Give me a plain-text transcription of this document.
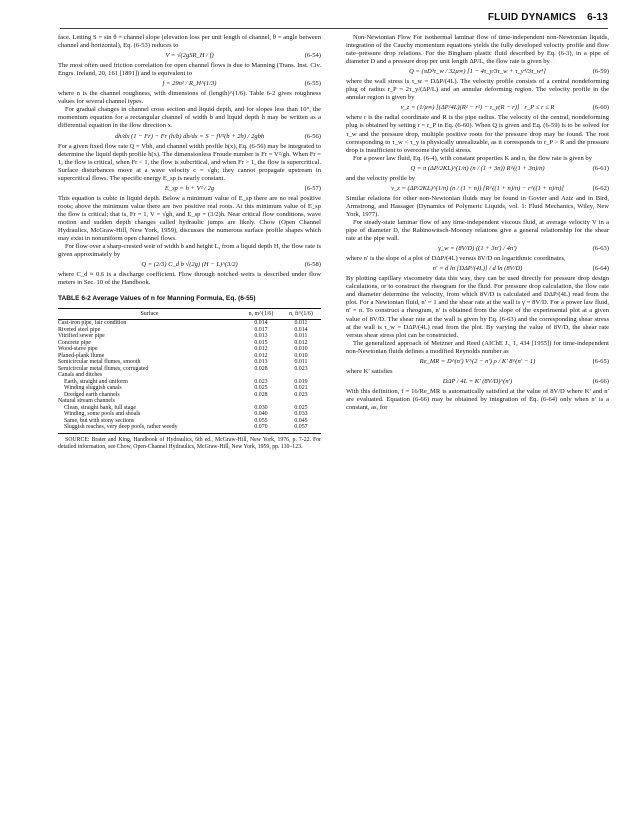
FLUID DYNAMICS 6-13

face. Letting S = sin θ = channel slope (elevation loss per unit length of channel, θ = angle between channel and horizontal), Eq. (6-53) reduces to

V =
√(2gSR_H / f)	(6-54)

The most often used friction correlation for open channel flows is due to Manning (Trans. Inst. Civ. Engrs. Ireland, 20, 161 [1891]) and is equivalent to

f =
29n² / R_H^(1/3)	(6-55)

where n is the channel roughness, with dimensions of (length)^(1/6). Table 6-2 gives roughness values for several channel types.

For gradual changes in channel cross section and liquid depth, and for slopes less than 10°, the momentum equation for a rectangular channel of width b and liquid depth h may be written as a differential equation in the flow direction x.

dh/dx (1 − Fr) − Fr (h/b) db/dx = S − fV²(b + 2h) / 2gbh	(6-56)

For a given fixed flow rate Q = Vbh, and channel width profile b(x), Eq. (6-56) may be integrated to determine the liquid depth profile h(x). The dimensionless Froude number is Fr = V²/gh. When Fr = 1, the flow is critical, when Fr < 1, the flow is subcritical, and when Fr > 1, the flow is supercritical. Surface disturbances move at a wave velocity c = √gh; they cannot propagate upstream in supercritical flows. The specific energy E_sp is nearly constant.

E_sp = h +
V² / 2g	(6-57)

This equation is cubic in liquid depth. Below a minimum value of E_sp there are no real positive roots; above the minimum value there are two positive real roots. At this minimum value of E_sp the flow is critical; that is, Fr = 1, V = √gh, and E_sp = (3/2)h. Near critical flow conditions, wave motion and sudden depth changes called hydraulic jumps are likely. Chow (Open Channel Hydraulics, McGraw-Hill, New York, 1959), discusses the numerous surface profile shapes which may exist in nonuniform open channel flows.

For flow over a sharp-crested weir of width b and height L, from a liquid depth H, the flow rate is given approximately by

Q =
(2/3) C_d b √(2g) (H − L)^(3/2)	(6-58)

where C_d ≈ 0.6 is a discharge coefficient. Flow through notched weirs is described under flow meters in Sec. 10 of the Handbook.

TABLE 6-2 Average Values of n for Manning Formula, Eq. (6-55)
Surface	n, m^(1/6)	n, ft^(1/6)
Cast-iron pipe, fair condition	0.014	0.011
Riveted steel pipe	0.017	0.014
Vitrified sewer pipe	0.013	0.011
Concrete pipe	0.015	0.012
Wood-stave pipe	0.012	0.010
Planed-plank flume	0.012	0.010
Semicircular metal flumes, smooth	0.013	0.011
Semicircular metal flumes, corrugated	0.028	0.023
Canals and ditches		
Earth, straight and uniform	0.023	0.019
Winding sluggish canals	0.025	0.021
Dredged earth channels	0.028	0.023
Natural stream channels		
Clean, straight bank, full stage	0.030	0.025
Winding, some pools and shoals	0.040	0.033
Same, but with stony sections	0.055	0.045
Sluggish reaches, very deep pools, rather weedy	0.070	0.057
SOURCE: Brater and King, Handbook of Hydraulics, 6th ed., McGraw-Hill, New York, 1976, p. 7-22. For detailed information, see Chow, Open-Channel Hydraulics, McGraw-Hill, New York, 1959, pp. 110–123.

Non-Newtonian Flow For isothermal laminar flow of time-independent non-Newtonian liquids, integration of the Cauchy momentum equations yields the fully developed velocity profile and flow rate–pressure drop relations. For the Bingham plastic fluid described by Eq. (6-3), in a pipe of diameter D and a pressure drop per unit length ΔP/L, the flow rate is given by

Q =
(πD³τ_w / 32μ∞) [1 − 4τ_y/3τ_w + τ_y⁴/3τ_w⁴]	(6-59)

where the wall stress is τ_w = DΔP/(4L). The velocity profile consists of a central nondeforming plug of radius r_P = 2τ_y/(ΔP/L) and an annular deforming region. The velocity profile in the annular region is given by

v_z =
(1/μ∞) [(ΔP/4L)(R² − r²) − τ_y(R − r)]
r_P ≤ r ≤ R	(6-60)

where r is the radial coordinate and R is the pipe radius. The velocity of the central, nondeforming plug is obtained by setting r = r_P in Eq. (6-60). When Q is given and Eq. (6-59) is to be solved for τ_w and the pressure drop, multiple positive roots for the pressure drop may be found. The root corresponding to τ_w < τ_y is physically unrealizable, as it corresponds to r_P > R and the pressure drop is insufficient to overcome the yield stress.

For a power law fluid, Eq. (6-4), with constant properties K and n, the flow rate is given by

Q = π
(ΔP/2KL)^(1/n) (n / (1 + 3n)) R^((1 + 3n)/n)	(6-61)

and the velocity profile by

v_z =
(ΔP/2KL)^(1/n) (n / (1 + n)) [R^((1 + n)/n) − r^((1 + n)/n)]	(6-62)

Similar relations for other non-Newtonian fluids may be found in Govier and Aziz and in Bird, Armstrong, and Hassager (Dynamics of Polymeric Liquids, vol. 1: Fluid Mechanics, Wiley, New York, 1977).

For steady-state laminar flow of any time-independent viscous fluid, at average velocity V in a pipe of diameter D, the Rabinowitsch-Mooney relations give a general relationship for the shear rate at the pipe wall.

γ̇_w =
(8V/D) ((1 + 3n′) / 4n′)	(6-63)

where n′ is the slope of a plot of DΔP/(4L) versus 8V/D on logarithmic coordinates,

n′ =
d ln [DΔP/(4L)] / d ln (8V/D)	(6-64)

By plotting capillary viscometry data this way, they can be used directly for pressure drop design calculations, or to construct the rheogram for the fluid. For pressure drop calculation, the flow rate and diameter determine the velocity, from which 8V/D is calculated and DΔP/(4L) read from the plot. For a Newtonian fluid, n′ = 1 and the shear rate at the wall is γ̇ = 8V/D. For a power law fluid, n′ = n. To construct a rheogram, n′ is obtained from the slope of the experimental plot at a given value of 8V/D. The shear rate at the wall is given by Eq. (6-63) and the corresponding shear stress at the wall is τ_w = DΔP/(4L) read from the plot. By varying the value of 8V/D, the shear rate versus shear stress plot can be constructed.

The generalized approach of Metzner and Reed (AIChE J., 1, 434 [1955]) for time-independent non-Newtonian fluids defines a modified Reynolds number as

Re_MR =
D^(n′) V^(2 − n′) ρ / K′ 8^(n′ − 1)	(6-65)

where K′ satisfies

DΔP / 4L = K′ (8V/D)^(n′)	(6-66)

With this definition, f = 16/Re_MR is automatically satisfied at the value of 8V/D where K′ and n′ are evaluated. Equation (6-66) may be obtained by integration of Eq. (6-64) only when n′ is a constant, as, for
